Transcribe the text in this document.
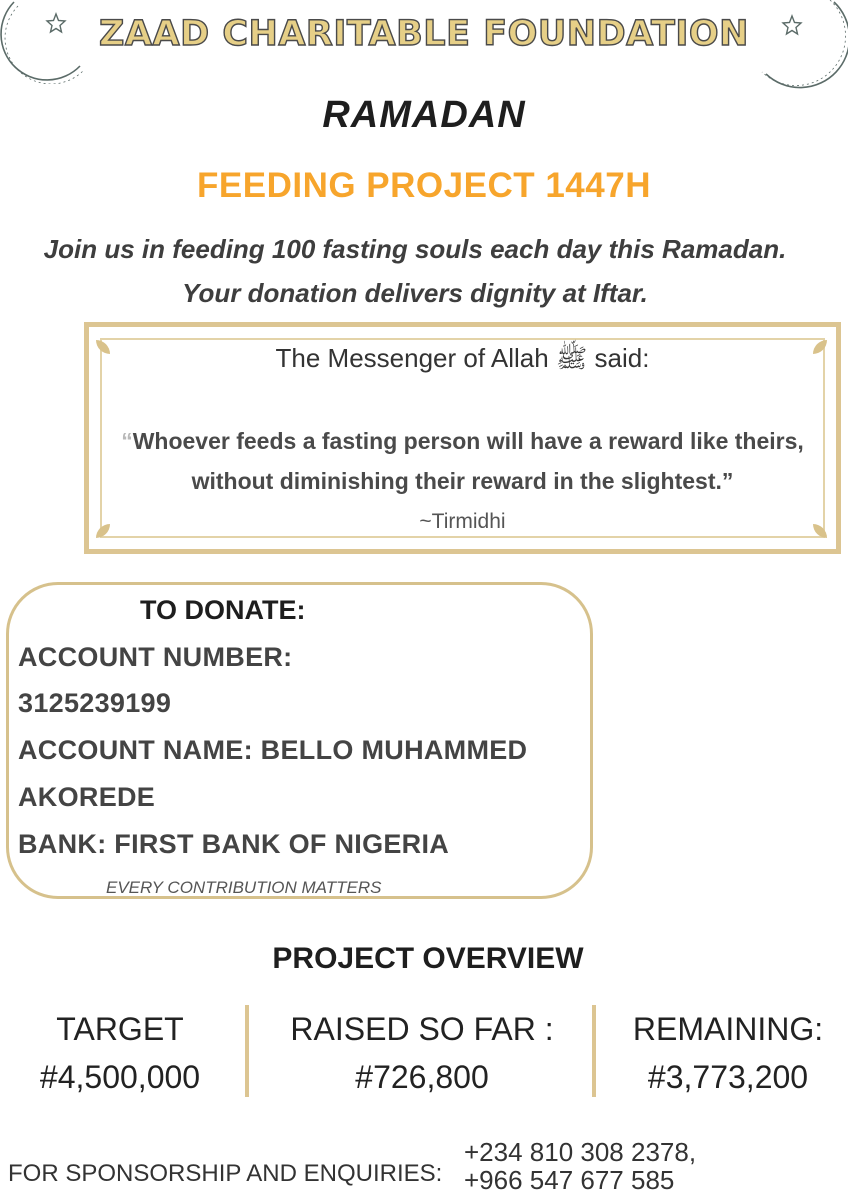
ZAAD CHARITABLE FOUNDATION
RAMADAN
FEEDING PROJECT 1447H
Join us in feeding 100 fasting souls each day this Ramadan.
Your donation delivers dignity at Iftar.
The Messenger of Allah ﷺ said:
“Whoever feeds a fasting person will have a reward like theirs,
without diminishing their reward in the slightest.”
~Tirmidhi
TO DONATE:
ACCOUNT NUMBER:
3125239199
ACCOUNT NAME: BELLO MUHAMMED
AKOREDE
BANK: FIRST BANK OF NIGERIA
EVERY CONTRIBUTION MATTERS
PROJECT OVERVIEW
TARGET
#4,500,000
RAISED SO FAR :
#726,800
REMAINING:
#3,773,200
FOR SPONSORSHIP AND ENQUIRIES:
+234 810 308 2378,
+966 547 677 585
